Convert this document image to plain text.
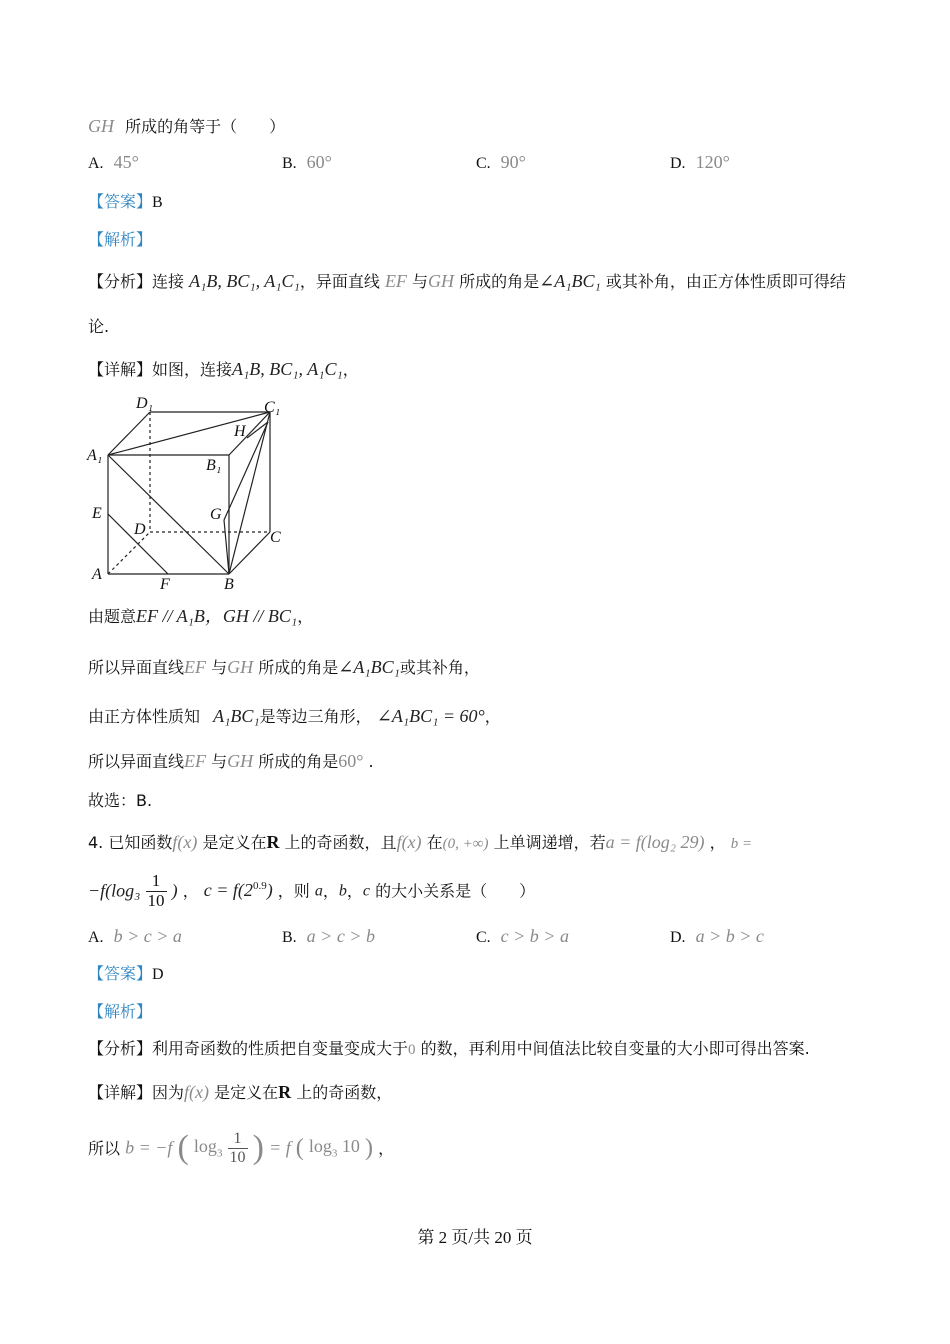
GH 所成的角等于（　　）
A. 45°	B. 60°	C. 90°	D. 120°
【答案】B
【解析】
【分析】连接 A₁B, BC₁, A₁C₁，异面直线 EF 与GH 所成的角是∠A₁BC₁ 或其补角，由正方体性质即可得结
论.
【详解】如图，连接A₁B, BC₁, A₁C₁，
D₁	C₁
H
A₁
B₁
E	G
D	C
A
F	B
由题意EF // A₁B，GH // BC₁，
所以异面直线EF 与GH 所成的角是∠A₁BC₁或其补角，
由正方体性质知 A₁BC₁是等边三角形， ∠A₁BC₁ = 60°，
所以异面直线EF 与GH 所成的角是60° .
故选：B.
4. 已知函数f(x) 是定义在R 上的奇函数，且f(x) 在(0, +∞) 上单调递增，若a = f(log₂ 29) ， b =
$-f(\log_3 \frac{1}{10}$ ) ， $c = f(2^{0.9})$ ，则 a，b，c 的大小关系是（　　）
A. b > c > a	B. a > c > b	C. c > b > a	D. a > b > c
【答案】D
【解析】
【分析】利用奇函数的性质把自变量变成大于0 的数，再利用中间值法比较自变量的大小即可得出答案.
【详解】因为f(x) 是定义在R 上的奇函数，
所以 b = −f ( $\log_3 \frac{1}{10}$ ) = f ( $\log_3 10$ ) ，
第 2 页/共 20 页
